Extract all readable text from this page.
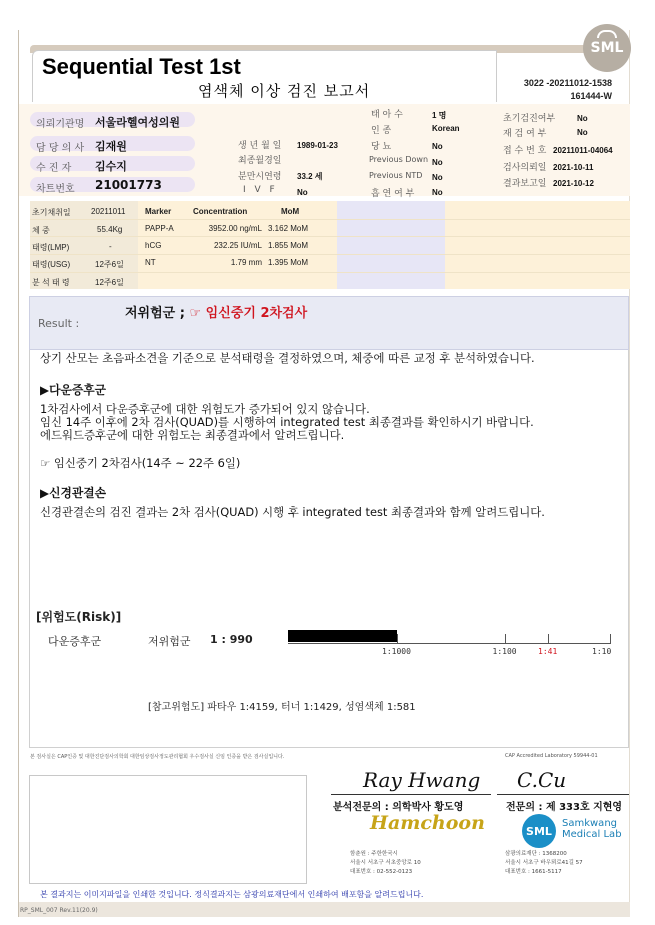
Sequential Test 1st
염색체 이상 검진 보고서	3022 -20211012-1538
161444-W
SML
의뢰기관명 서울라헬여성의원
담 당 의 사 김재원
수 진 자 김수지
차트번호 21001773
생 년 월 일 1989-01-23
최종월경일
분만시연령 33.2 세
I V F No
태 아 수	1 명
인 종	Korean
당 뇨	No
Previous Down No
Previous NTD No
흡 연 여 부 No
초기검진여부	No
재 검 여 부	No
접 수 번 호 20211011-04064
검사의뢰일 2021-10-11
결과보고일 2021-10-12
초기채취일	20211011
체 중	55.4Kg
태령(LMP)	-
태령(USG)	12주6일
분 석 태 령	12주6일
Marker	Concentration	MoM
PAPP-A	3952.00 ng/mL 3.162 MoM
hCG	232.25 IU/mL 1.855 MoM
NT	1.79 mm 1.395 MoM
Result :
저위험군 ; ☞ 임신중기 2차검사
상기 산모는 초음파소견을 기준으로 분석태령을 결정하였으며, 체중에 따른 교정 후 분석하였습니다.
▶다운증후군
1차검사에서 다운증후군에 대한 위험도가 증가되어 있지 않습니다.
임신 14주 이후에 2차 검사(QUAD)를 시행하여 integrated test 최종결과를 확인하시기 바랍니다.
에드워드증후군에 대한 위험도는 최종결과에서 알려드립니다.
☞ 임신중기 2차검사(14주 ~ 22주 6일)
▶신경관결손
신경관결손의 검진 결과는 2차 검사(QUAD) 시행 후 integrated test 최종결과와 함께 알려드립니다.
[위험도(Risk)]
다운증후군	저위험군 1 : 990
1:1000	1:100	1:41	1:10
[참고위험도] 파타우 1:4159, 터너 1:1429, 성염색체 1:581
본 검사실은 CAP인증 및 대한진단검사의학회 대한임상검사정도관리협회 우수검사실 신임 인증을 받은 검사실입니다.	CAP Accredited Laboratory 59944-01
Ray Hwang
분석전문의 : 의학박사 황도영
C.Cu
전문의 : 제 333호 지현영
Hamchoon	SML
Samkwang
Medical Lab
함춘원 : 주한한국시
서울시 서초구 서초중앙로 10
대표번호 : 02-552-0123
삼광의료재단 : 1368200
서울시 서초구 바우뫼로41길 57
대표번호 : 1661-5117
본 결과지는 이미지파일을 인쇄한 것입니다. 정식결과지는 삼광의료재단에서 인쇄하여 배포함을 알려드립니다.
RP_SML_007 Rev.11(20.9)
